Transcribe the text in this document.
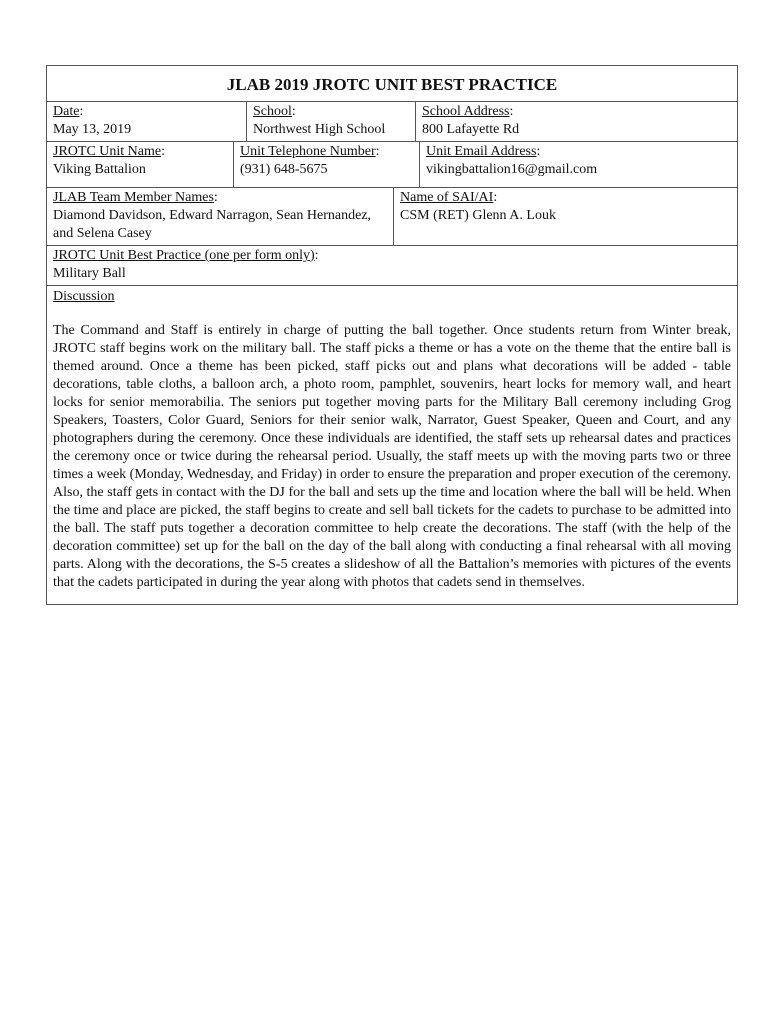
JLAB 2019 JROTC UNIT BEST PRACTICE
Date :
May 13, 2019
School :
Northwest High School
School Address :
800 Lafayette Rd
JROTC Unit Name :
Viking Battalion
Unit Telephone Number :
(931) 648-5675
Unit Email Address :
vikingbattalion16@gmail.com
JLAB Team Member Names :
Diamond Davidson, Edward Narragon, Sean Hernandez, and Selena Casey
Name of SAI/AI :
CSM (RET) Glenn A. Louk
JROTC Unit Best Practice (one per form only) :
Military Ball
Discussion

The Command and Staff is entirely in charge of putting the ball together. Once students return from Winter break, JROTC staff begins work on the military ball. The staff picks a theme or has a vote on the theme that the entire ball is themed around. Once a theme has been picked, staff picks out and plans what decorations will be added - table decorations, table cloths, a balloon arch, a photo room, pamphlet, souvenirs, heart locks for memory wall, and heart locks for senior memorabilia. The seniors put together moving parts for the Military Ball ceremony including Grog Speakers, Toasters, Color Guard, Seniors for their senior walk, Narrator, Guest Speaker, Queen and Court, and any photographers during the ceremony. Once these individuals are identified, the staff sets up rehearsal dates and practices the ceremony once or twice during the rehearsal period. Usually, the staff meets up with the moving parts two or three times a week (Monday, Wednesday, and Friday) in order to ensure the preparation and proper execution of the ceremony. Also, the staff gets in contact with the DJ for the ball and sets up the time and location where the ball will be held. When the time and place are picked, the staff begins to create and sell ball tickets for the cadets to purchase to be admitted into the ball. The staff puts together a decoration committee to help create the decorations. The staff (with the help of the decoration committee) set up for the ball on the day of the ball along with conducting a final rehearsal with all moving parts. Along with the decorations, the S-5 creates a slideshow of all the Battalion’s memories with pictures of the events that the cadets participated in during the year along with photos that cadets send in themselves.
